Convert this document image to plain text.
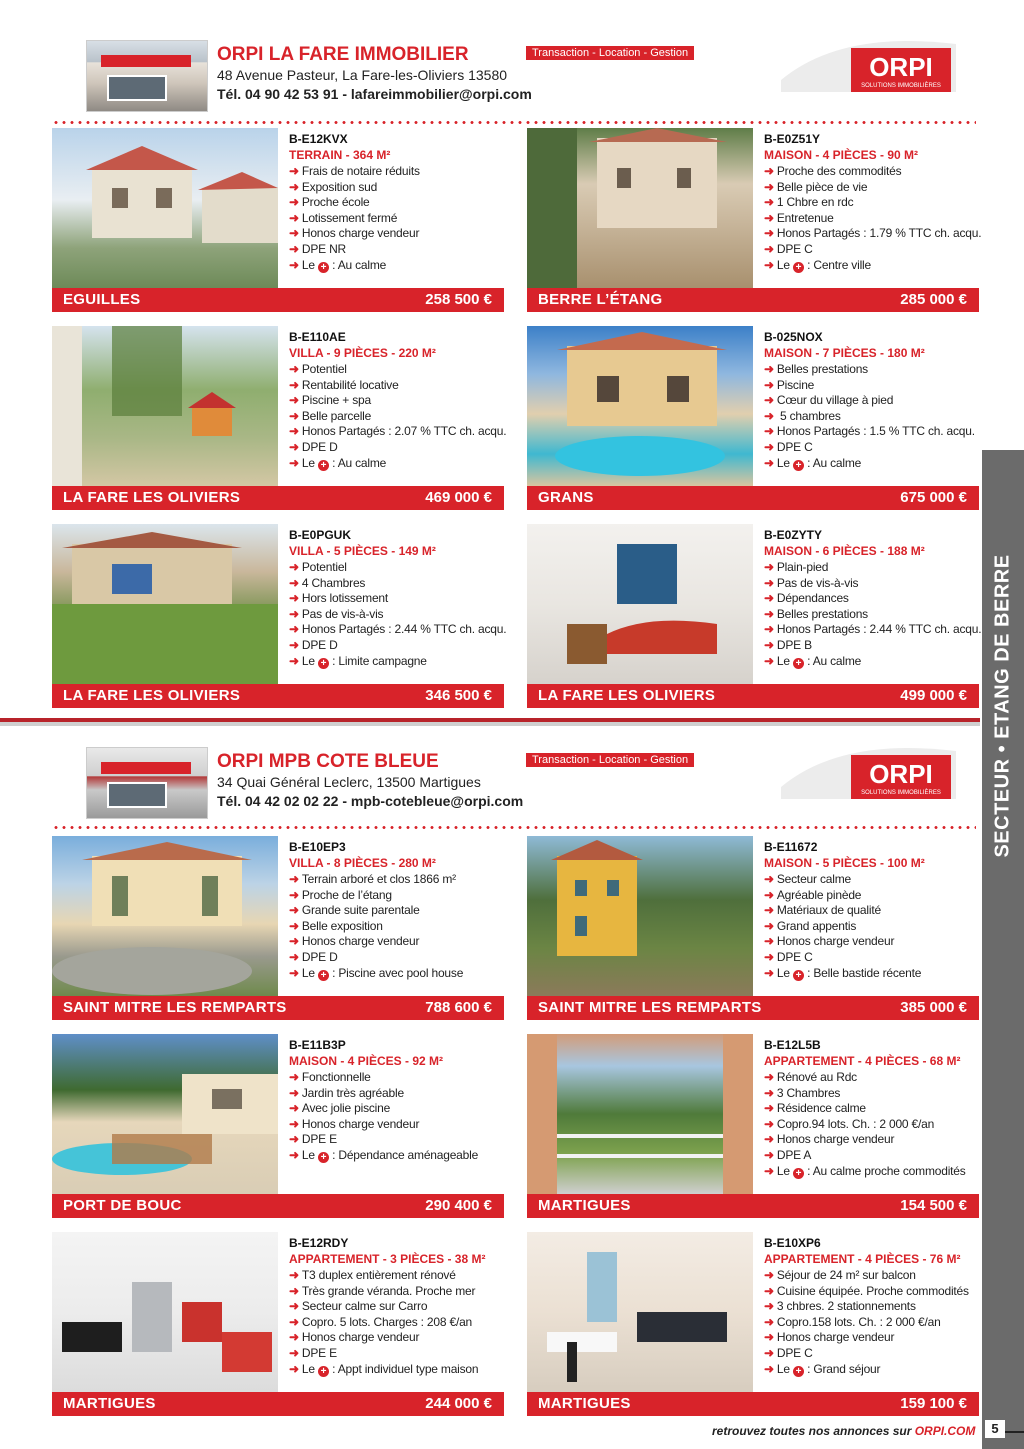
ORPI LA FARE IMMOBILIER	Transaction - Location - Gestion
48 Avenue Pasteur, La Fare-les-Oliviers 13580
Tél. 04 90 42 53 91 - lafareimmobilier@orpi.com
ORPI
SOLUTIONS IMMOBILIÈRES
B-E12KVX
TERRAIN - 364 M²
➜ Frais de notaire réduits
➜ Exposition sud
➜ Proche école
➜ Lotissement fermé
➜ Honos charge vendeur
➜ DPE NR
➜ Le + : Au calme
EGUILLES	258 500 €
B-E0Z51Y
MAISON - 4 PIÈCES - 90 M²
➜ Proche des commodités
➜ Belle pièce de vie
➜ 1 Chbre en rdc
➜ Entretenue
➜ Honos Partagés : 1.79 % TTC ch. acqu.
➜ DPE C
➜ Le + : Centre ville
BERRE L’ÉTANG	285 000 €
B-E110AE
VILLA - 9 PIÈCES - 220 M²
➜ Potentiel
➜ Rentabilité locative
➜ Piscine + spa
➜ Belle parcelle
➜ Honos Partagés : 2.07 % TTC ch. acqu.
➜ DPE D
➜ Le + : Au calme
LA FARE LES OLIVIERS	469 000 €
B-025NOX
MAISON - 7 PIÈCES - 180 M²
➜ Belles prestations
➜ Piscine
➜ Cœur du village à pied
➜ 5 chambres
➜ Honos Partagés : 1.5 % TTC ch. acqu.
➜ DPE C
➜ Le + : Au calme
GRANS	675 000 €
B-E0PGUK
VILLA - 5 PIÈCES - 149 M²
➜ Potentiel
➜ 4 Chambres
➜ Hors lotissement
➜ Pas de vis-à-vis
➜ Honos Partagés : 2.44 % TTC ch. acqu.
➜ DPE D
➜ Le + : Limite campagne
LA FARE LES OLIVIERS	346 500 €
B-E0ZYTY
MAISON - 6 PIÈCES - 188 M²
➜ Plain-pied
➜ Pas de vis-à-vis
➜ Dépendances
➜ Belles prestations
➜ Honos Partagés : 2.44 % TTC ch. acqu.
➜ DPE B
➜ Le + : Au calme
LA FARE LES OLIVIERS	499 000 €
ORPI MPB COTE BLEUE	Transaction - Location - Gestion
34 Quai Général Leclerc, 13500 Martigues
Tél. 04 42 02 02 22 - mpb-cotebleue@orpi.com
ORPI
SOLUTIONS IMMOBILIÈRES
B-E10EP3
VILLA - 8 PIÈCES - 280 M²
➜ Terrain arboré et clos 1866 m²
➜ Proche de l’étang
➜ Grande suite parentale
➜ Belle exposition
➜ Honos charge vendeur
➜ DPE D
➜ Le + : Piscine avec pool house
SAINT MITRE LES REMPARTS	788 600 €
B-E11672
MAISON - 5 PIÈCES - 100 M²
➜ Secteur calme
➜ Agréable pinède
➜ Matériaux de qualité
➜ Grand appentis
➜ Honos charge vendeur
➜ DPE C
➜ Le + : Belle bastide récente
SAINT MITRE LES REMPARTS	385 000 €
B-E11B3P
MAISON - 4 PIÈCES - 92 M²
➜ Fonctionnelle
➜ Jardin très agréable
➜ Avec jolie piscine
➜ Honos charge vendeur
➜ DPE E
➜ Le + : Dépendance aménageable
PORT DE BOUC	290 400 €
B-E12L5B
APPARTEMENT - 4 PIÈCES - 68 M²
➜ Rénové au Rdc
➜ 3 Chambres
➜ Résidence calme
➜ Copro.94 lots. Ch. : 2 000 €/an
➜ Honos charge vendeur
➜ DPE A
➜ Le + : Au calme proche commodités
MARTIGUES	154 500 €
B-E12RDY
APPARTEMENT - 3 PIÈCES - 38 M²
➜ T3 duplex entièrement rénové
➜ Très grande véranda. Proche mer
➜ Secteur calme sur Carro
➜ Copro. 5 lots. Charges : 208 €/an
➜ Honos charge vendeur
➜ DPE E
➜ Le + : Appt individuel type maison
MARTIGUES	244 000 €
B-E10XP6
APPARTEMENT - 4 PIÈCES - 76 M²
➜ Séjour de 24 m² sur balcon
➜ Cuisine équipée. Proche commodités
➜ 3 chbres. 2 stationnements
➜ Copro.158 lots. Ch. : 2 000 €/an
➜ Honos charge vendeur
➜ DPE C
➜ Le + : Grand séjour
MARTIGUES	159 100 €
SECTEUR • ETANG DE BERRE
retrouvez toutes nos annonces sur ORPI.COM	5
